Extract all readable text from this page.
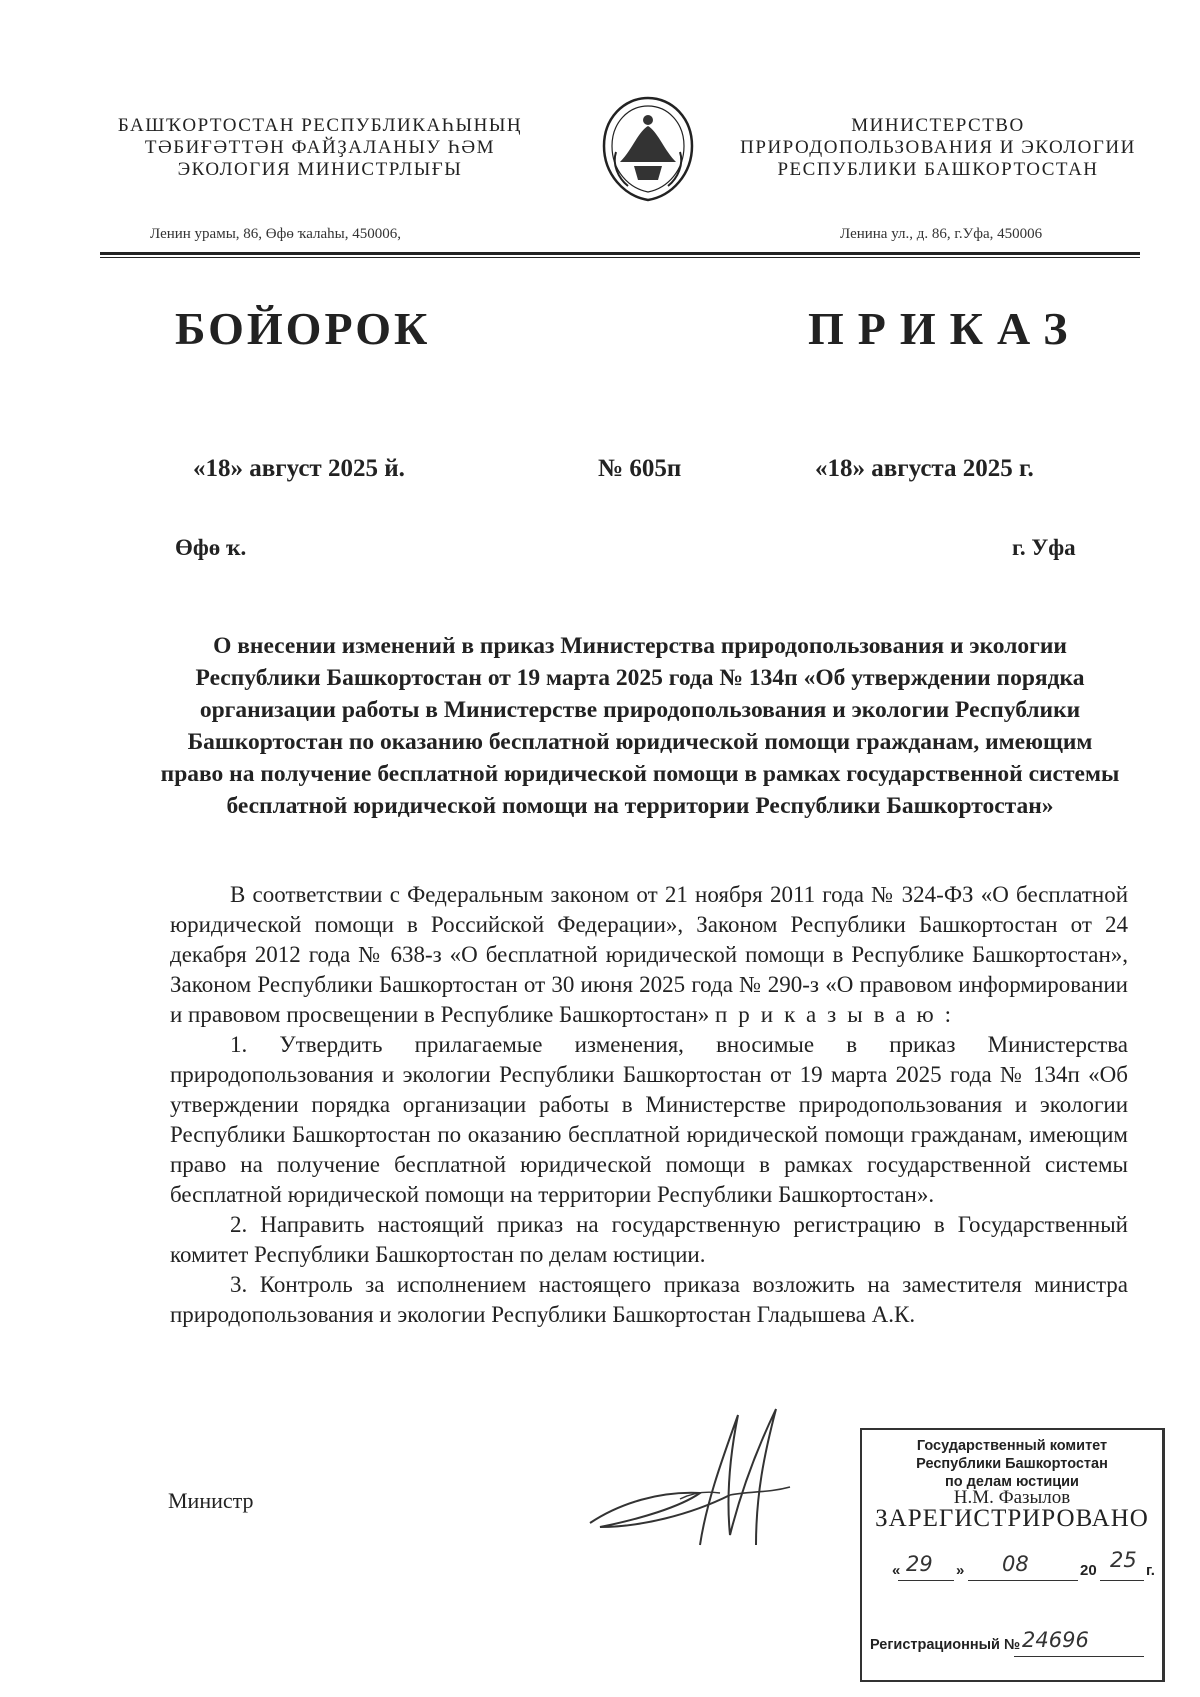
БАШҠОРТОСТАН РЕСПУБЛИКАҺЫНЫҢ
ТӘБИҒӘТТӘН ФАЙҘАЛАНЫУ ҺӘМ
ЭКОЛОГИЯ МИНИСТРЛЫҒЫ
МИНИСТЕРСТВО
ПРИРОДОПОЛЬЗОВАНИЯ И ЭКОЛОГИИ
РЕСПУБЛИКИ БАШКОРТОСТАН
Ленин урамы, 86, Өфө ҡалаһы, 450006,	Ленина ул., д. 86, г.Уфа, 450006
БОЙОРОК	ПРИКАЗ
«18» август 2025 й.	№ 605п	«18» августа 2025 г.
Өфө ҡ.	г. Уфа
О внесении изменений в приказ Министерства природопользования и экологии Республики Башкортостан от 19 марта 2025 года № 134п «Об утверждении порядка организации работы в Министерстве природопользования и экологии Республики Башкортостан по оказанию бесплатной юридической помощи гражданам, имеющим право на получение бесплатной юридической помощи в рамках государственной системы бесплатной юридической помощи на территории Республики Башкортостан»

В соответствии с Федеральным законом от 21 ноября 2011 года № 324-ФЗ «О бесплатной юридической помощи в Российской Федерации», Законом Республики Башкортостан от 24 декабря 2012 года № 638-з «О бесплатной юридической помощи в Республике Башкортостан», Законом Республики Башкортостан от 30 июня 2025 года № 290-з «О правовом информировании и правовом просвещении в Республике Башкортостан» приказываю:

1. Утвердить прилагаемые изменения, вносимые в приказ Министерства природопользования и экологии Республики Башкортостан от 19 марта 2025 года № 134п «Об утверждении порядка организации работы в Министерстве природопользования и экологии Республики Башкортостан по оказанию бесплатной юридической помощи гражданам, имеющим право на получение бесплатной юридической помощи в рамках государственной системы бесплатной юридической помощи на территории Республики Башкортостан».

2. Направить настоящий приказ на государственную регистрацию в Государственный комитет Республики Башкортостан по делам юстиции.

3. Контроль за исполнением настоящего приказа возложить на заместителя министра природопользования и экологии Республики Башкортостан Гладышева А.К.

Министр
Государственный комитет
Республики Башкортостан
по делам юстиции
Н.М. Фазылов
ЗАРЕГИСТРИРОВАНО
« 29 » 08	20 25 г.
Регистрационный № 24696
